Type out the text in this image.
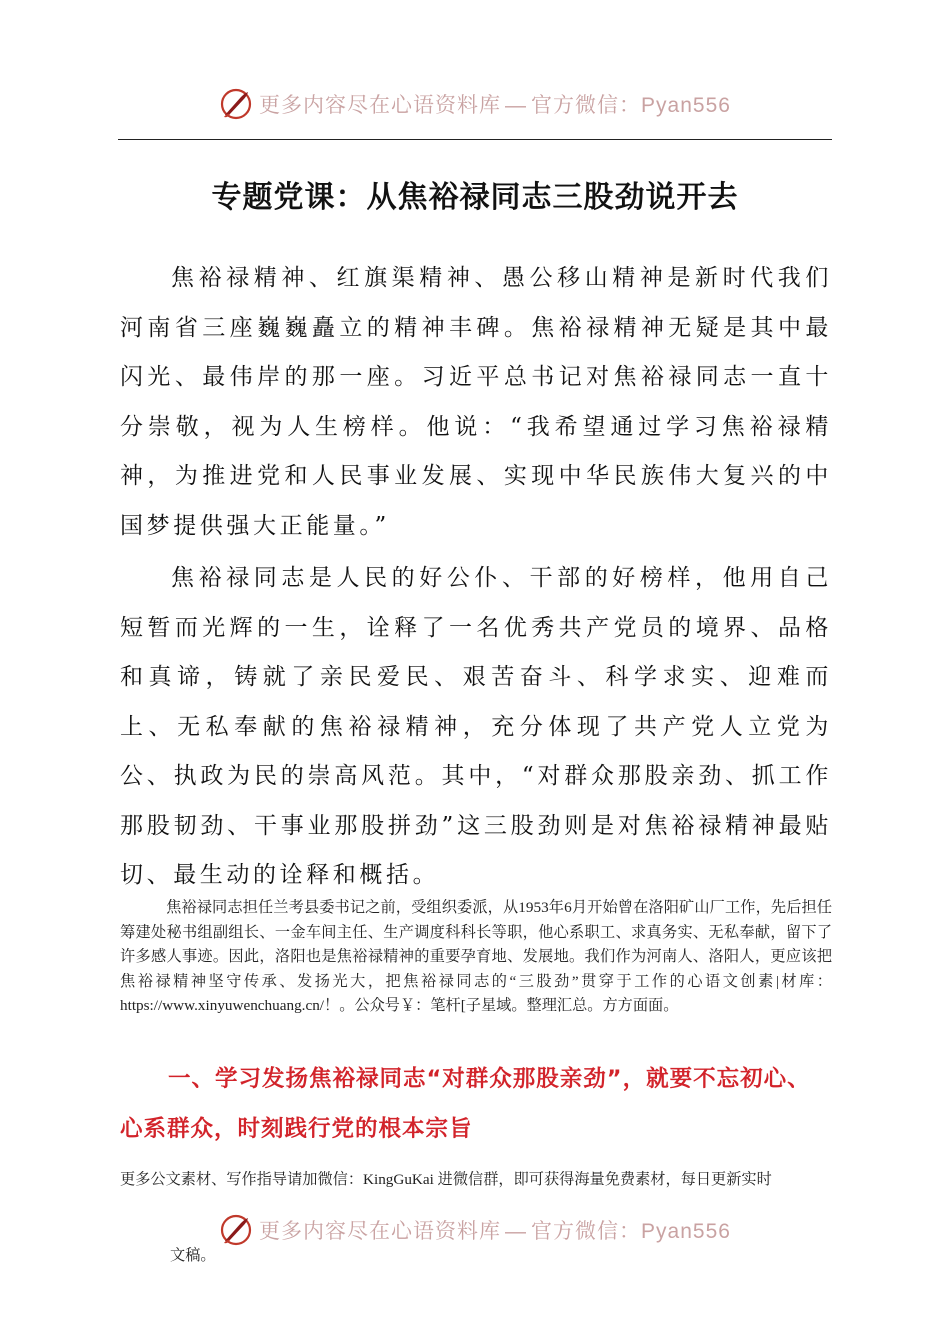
更多内容尽在心语资料库 — 官方微信：Pyan556
专题党课：从焦裕禄同志三股劲说开去
焦裕禄精神、红旗渠精神、愚公移山精神是新时代我们河南省三座巍巍矗立的精神丰碑。焦裕禄精神无疑是其中最闪光、最伟岸的那一座。习近平总书记对焦裕禄同志一直十分崇敬，视为人生榜样。他说：“我希望通过学习焦裕禄精神，为推进党和人民事业发展、实现中华民族伟大复兴的中国梦提供强大正能量。”
焦裕禄同志是人民的好公仆、干部的好榜样，他用自己短暂而光辉的一生，诠释了一名优秀共产党员的境界、品格和真谛，铸就了亲民爱民、艰苦奋斗、科学求实、迎难而上、无私奉献的焦裕禄精神，充分体现了共产党人立党为公、执政为民的崇高风范。其中，“对群众那股亲劲、抓工作那股韧劲、干事业那股拼劲”这三股劲则是对焦裕禄精神最贴切、最生动的诠释和概括。
焦裕禄同志担任兰考县委书记之前，受组织委派，从1953年6月开始曾在洛阳矿山厂工作，先后担任筹建处秘书组副组长、一金车间主任、生产调度科科长等职，他心系职工、求真务实、无私奉献，留下了许多感人事迹。因此，洛阳也是焦裕禄精神的重要孕育地、发展地。我们作为河南人、洛阳人，更应该把焦裕禄精神坚守传承、发扬光大，把焦裕禄同志的“三股劲”贯穿于工作的心语文创素|材库：https://www.xinyuwenchuang.cn/！。公众号￥：笔杆[子星域。整理汇总。方方面面。
一、学习发扬焦裕禄同志“对群众那股亲劲”，就要不忘初心、心系群众，时刻践行党的根本宗旨
更多公文素材、写作指导请加微信：KingGuKai 进微信群，即可获得海量免费素材，每日更新实时
更多内容尽在心语资料库 — 官方微信：Pyan556
文稿。
